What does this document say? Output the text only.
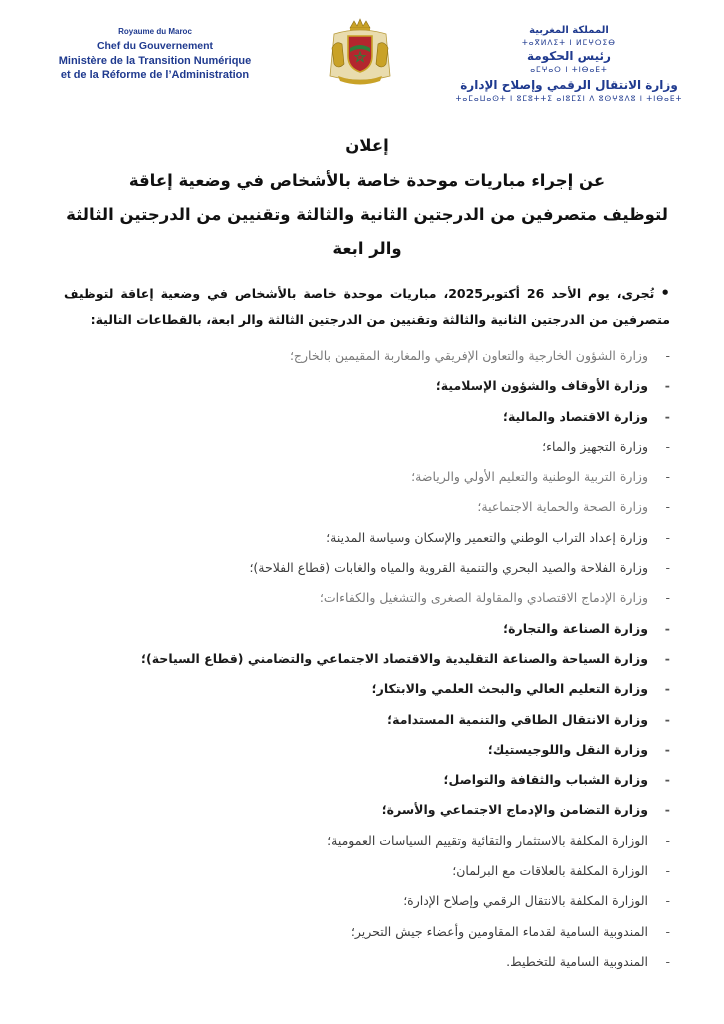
Royaume du Maroc
Chef du Gouvernement
Ministère de la Transition Numérique
et de la Réforme de l’Administration
المملكة المغربية
ⵜⴰⴳⵍⴷⵉⵜ ⵏ ⵍⵎⵖⵔⵉⴱ
رئيس الحكومة
ⴰⵎⵖⴰⵔ ⵏ ⵜⵏⴱⴰⴹⵜ
وزارة الانتقال الرقمي وإصلاح الإدارة
ⵜⴰⵎⴰⵡⴰⵙⵜ ⵏ ⵓⵎⵓⵜⵜⵉ ⴰⵏⵓⵎⵉⵏ ⴷ ⵓⵙⵖⵓⴷⵓ ⵏ ⵜⵏⴱⴰⴹⵜ
إعلان
عن إجراء مباريات موحدة خاصة بالأشخاص في وضعية إعاقة
لتوظيف متصرفين من الدرجتين الثانية والثالثة وتقنيين من الدرجتين الثالثة والر ابعة
•تُجرى، يوم الأحد 26 أكتوبر2025، مباريات موحدة خاصة بالأشخاص في وضعية إعاقة لتوظيف متصرفين من الدرجتين الثانية والثالثة وتقنيين من الدرجتين الثالثة والر ابعة، بالقطاعات التالية:
-
وزارة الشؤون الخارجية والتعاون الإفريقي والمغاربة المقيمين بالخارج؛
-
وزارة الأوقاف والشؤون الإسلامية؛
-
وزارة الاقتصاد والمالية؛
-
وزارة التجهيز والماء؛
-
وزارة التربية الوطنية والتعليم الأولي والرياضة؛
-
وزارة الصحة والحماية الاجتماعية؛
-
وزارة إعداد التراب الوطني والتعمير والإسكان وسياسة المدينة؛
-
وزارة الفلاحة والصيد البحري والتنمية القروية والمياه والغابات (قطاع الفلاحة)؛
-
وزارة الإدماج الاقتصادي والمقاولة الصغرى والتشغيل والكفاءات؛
-
وزارة الصناعة والتجارة؛
-
وزارة السياحة والصناعة التقليدية والاقتصاد الاجتماعي والتضامني (قطاع السياحة)؛
-
وزارة التعليم العالي والبحث العلمي والابتكار؛
-
وزارة الانتقال الطاقي والتنمية المستدامة؛
-
وزارة النقل واللوجيستيك؛
-
وزارة الشباب والثقافة والتواصل؛
-
وزارة التضامن والإدماج الاجتماعي والأسرة؛
-
الوزارة المكلفة بالاستثمار والتقائية وتقييم السياسات العمومية؛
-
الوزارة المكلفة بالعلاقات مع البرلمان؛
-
الوزارة المكلفة بالانتقال الرقمي وإصلاح الإدارة؛
-
المندوبية السامية لقدماء المقاومين وأعضاء جيش التحرير؛
-
المندوبية السامية للتخطيط.
